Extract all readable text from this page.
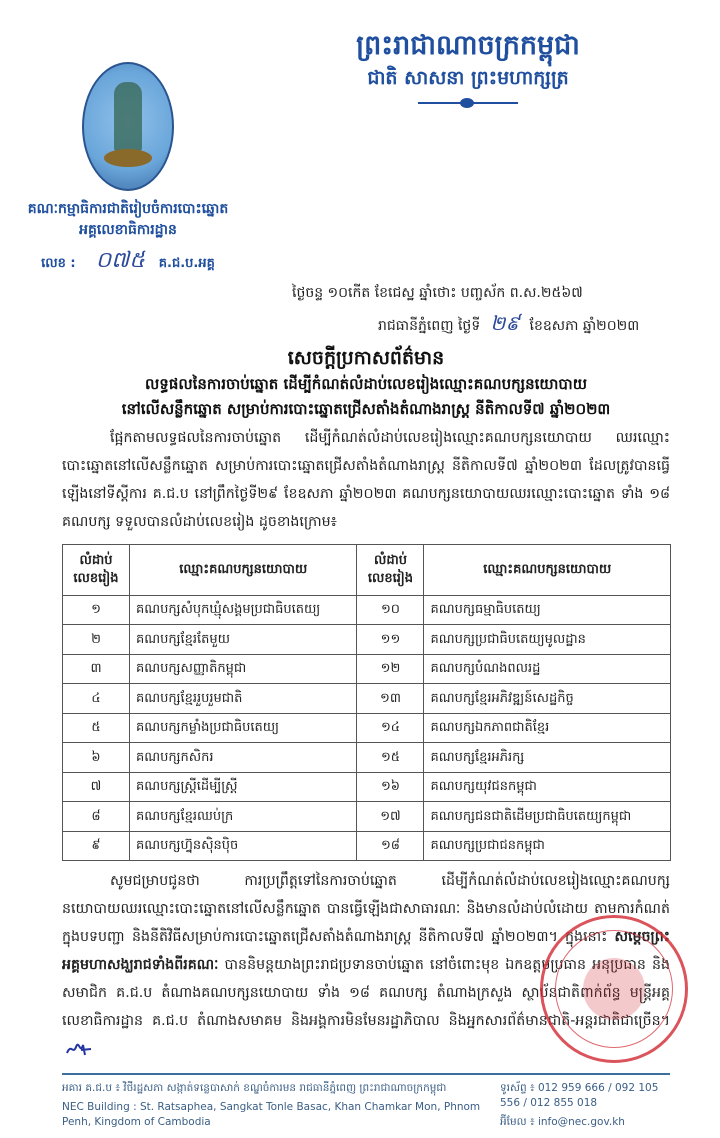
គណៈកម្មាធិការជាតិរៀបចំការបោះឆ្នោត
អគ្គលេខាធិការដ្ឋាន
លេខ : ០៧៥ គ.ជ.ប.អគ្គ
ព្រះរាជាណាចក្រកម្ពុជា
ជាតិ សាសនា ព្រះមហាក្សត្រ
ថ្ងៃចន្ទ ១០កើត ខែជេស្ឋ ឆ្នាំថោះ បញ្ចស័ក ព.ស.២៥៦៧
រាជធានីភ្នំពេញ ថ្ងៃទី ២៩ ខែឧសភា ឆ្នាំ២០២៣
សេចក្តីប្រកាសព័ត៌មាន
លទ្ធផលនៃការចាប់ឆ្នោត ដើម្បីកំណត់លំដាប់លេខរៀងឈ្មោះគណបក្សនយោបាយ
នៅលើសន្លឹកឆ្នោត សម្រាប់ការបោះឆ្នោតជ្រើសតាំងតំណាងរាស្ត្រ នីតិកាលទី៧ ឆ្នាំ២០២៣
ផ្អែកតាមលទ្ធផលនៃការចាប់ឆ្នោត ដើម្បីកំណត់លំដាប់លេខរៀងឈ្មោះគណបក្សនយោបាយ ឈរឈ្មោះបោះឆ្នោតនៅលើសន្លឹកឆ្នោត សម្រាប់ការបោះឆ្នោតជ្រើសតាំងតំណាងរាស្ត្រ នីតិកាលទី៧ ឆ្នាំ២០២៣ ដែលត្រូវបានធ្វើឡើងនៅទីស្តីការ គ.ជ.ប នៅព្រឹកថ្ងៃទី២៩ ខែឧសភា ឆ្នាំ២០២៣ គណបក្សនយោបាយឈរឈ្មោះបោះឆ្នោត ទាំង ១៨ គណបក្ស ទទួលបានលំដាប់លេខរៀង ដូចខាងក្រោម៖
លំដាប់ លេខរៀង	ឈ្មោះគណបក្សនយោបាយ	លំដាប់ លេខរៀង	ឈ្មោះគណបក្សនយោបាយ
១	គណបក្សសំបុកឃ្មុំសង្គមប្រជាធិបតេយ្យ	១០	គណបក្សធម្មាធិបតេយ្យ
២	គណបក្សខ្មែរតែមួយ	១១	គណបក្សប្រជាធិបតេយ្យមូលដ្ឋាន
៣	គណបក្សសញ្ញាតិកម្ពុជា	១២	គណបក្សបំណងពលរដ្ឋ
៤	គណបក្សខ្មែររួបរួមជាតិ	១៣	គណបក្សខ្មែរអភិវឌ្ឍន៍សេដ្ឋកិច្ច
៥	គណបក្សកម្លាំងប្រជាធិបតេយ្យ	១៤	គណបក្សឯកភាពជាតិខ្មែរ
៦	គណបក្សកសិករ	១៥	គណបក្សខ្មែរអភិរក្ស
៧	គណបក្សស្ត្រីដើម្បីស្ត្រី	១៦	គណបក្សយុវជនកម្ពុជា
៨	គណបក្សខ្មែរឈប់ក្រ	១៧	គណបក្សជនជាតិដើមប្រជាធិបតេយ្យកម្ពុជា
៩	គណបក្សហ្វ៊ុនស៊ិនប៉ិច	១៨	គណបក្សប្រជាជនកម្ពុជា
សូមជម្រាបជូនថា ការប្រព្រឹត្តទៅនៃការចាប់ឆ្នោត ដើម្បីកំណត់លំដាប់លេខរៀងឈ្មោះគណបក្សនយោបាយឈរឈ្មោះបោះឆ្នោតនៅលើសន្លឹកឆ្នោត បានធ្វើឡើងជាសាធារណៈ និងមានលំដាប់លំដោយ តាមការកំណត់ក្នុងបទបញ្ជា និងនីតិវិធីសម្រាប់ការបោះឆ្នោតជ្រើសតាំងតំណាងរាស្ត្រ នីតិកាលទី៧ ឆ្នាំ២០២៣។ ក្នុងនោះ សម្តេចព្រះអគ្គមហាសង្ឃរាជទាំងពីរគណៈ បាននិមន្តយាងព្រះរាជប្រទានចាប់ឆ្នោត នៅចំពោះមុខ ឯកឧត្តមប្រធាន អនុប្រធាន និងសមាជិក គ.ជ.ប តំណាងគណបក្សនយោបាយ ទាំង ១៨ គណបក្ស តំណាងក្រសួង ស្ថាប័នជាតិពាក់ព័ន្ធ មន្ត្រីអគ្គលេខាធិការដ្ឋាន គ.ជ.ប តំណាងសមាគម និងអង្គការមិនមែនរដ្ឋាភិបាល និងអ្នកសារព័ត៌មានជាតិ-អន្តរជាតិជាច្រើន។
អគារ គ.ជ.ប ៖ វិថីរដ្ឋសភា សង្កាត់ទន្លេបាសាក់ ខណ្ឌចំការមន រាជធានីភ្នំពេញ ព្រះរាជាណាចក្រកម្ពុជា
NEC Building : St. Ratsaphea, Sangkat Tonle Basac, Khan Chamkar Mon, Phnom Penh, Kingdom of Cambodia
ទូរស័ព្ទ ៖ 012 959 666 / 092 105 556 / 012 855 018
អ៊ីមែល ៖ info@nec.gov.kh
